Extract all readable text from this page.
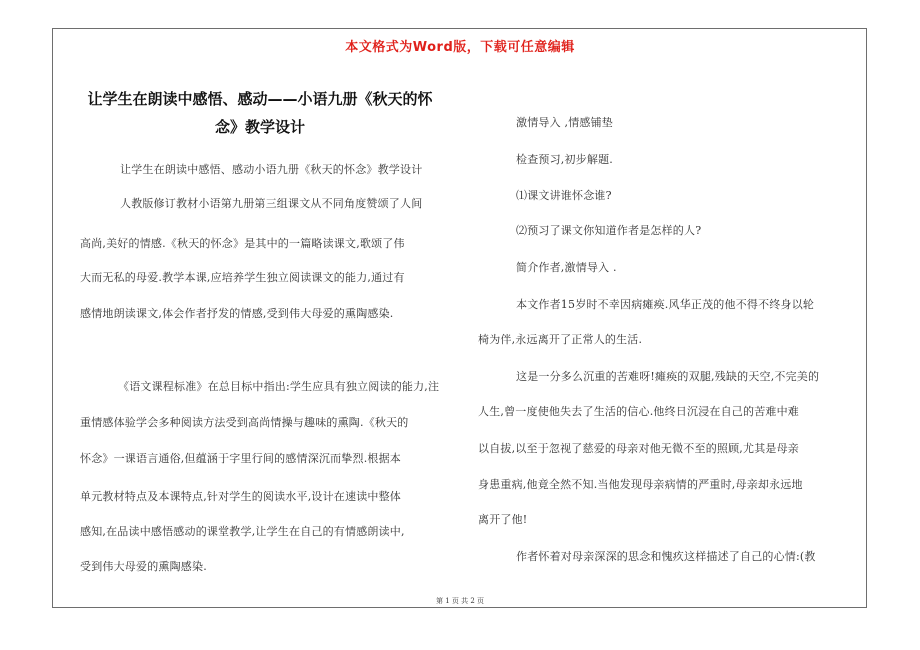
本文格式为Word版，下载可任意编辑
让学生在朗读中感悟、感动——小语九册《秋天的怀
念》教学设计
让学生在朗读中感悟、感动小语九册《秋天的怀念》教学设计
人教版修订教材小语第九册第三组课文从不同角度赞颂了人间
高尚,美好的情感.《秋天的怀念》是其中的一篇略读课文,歌颂了伟
大而无私的母爱.教学本课,应培养学生独立阅读课文的能力,通过有
感情地朗读课文,体会作者抒发的情感,受到伟大母爱的熏陶感染.
《语文课程标准》在总目标中指出:学生应具有独立阅读的能力,注
重情感体验学会多种阅读方法受到高尚情操与趣味的熏陶.《秋天的
怀念》一课语言通俗,但蕴涵于字里行间的感情深沉而挚烈.根据本
单元教材特点及本课特点,针对学生的阅读水平,设计在速读中整体
感知,在品读中感悟感动的课堂教学,让学生在自己的有情感朗读中,
受到伟大母爱的熏陶感染.
激情导入 ,情感铺垫
检查预习,初步解题.
⑴课文讲谁怀念谁?
⑵预习了课文你知道作者是怎样的人?
简介作者,激情导入 .
本文作者15岁时不幸因病瘫痪.风华正茂的他不得不终身以轮
椅为伴,永远离开了正常人的生活.
这是一分多么沉重的苦难呀!瘫痪的双腿,残缺的天空,不完美的
人生,曾一度使他失去了生活的信心.他终日沉浸在自己的苦难中难
以自拔,以至于忽视了慈爱的母亲对他无微不至的照顾,尤其是母亲
身患重病,他竟全然不知.当他发现母亲病情的严重时,母亲却永远地
离开了他!
作者怀着对母亲深深的思念和愧疚这样描述了自己的心情:(教
第 1 页 共 2 页
